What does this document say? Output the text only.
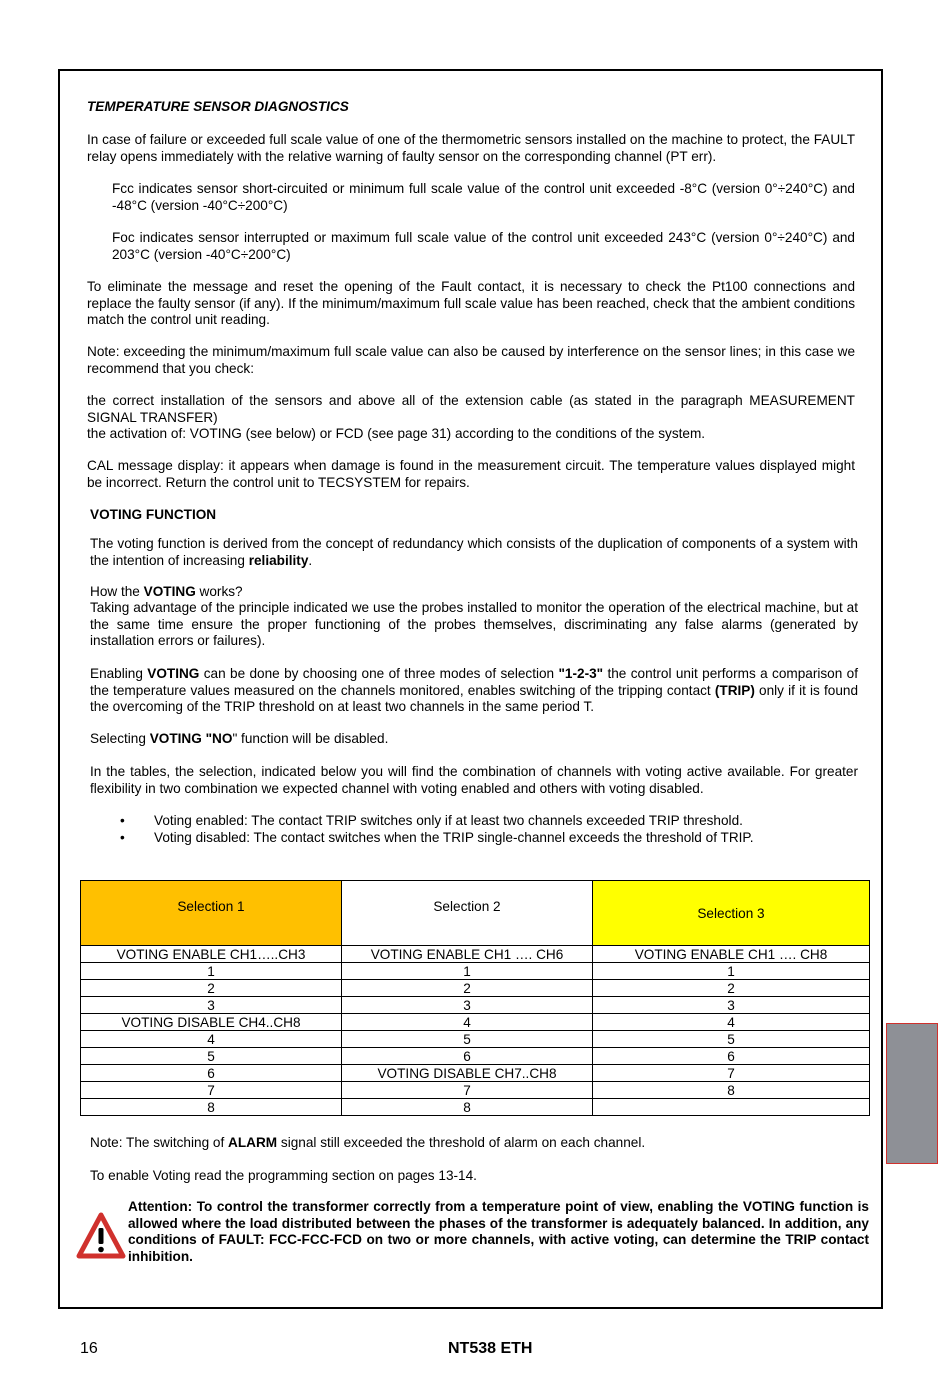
TEMPERATURE SENSOR DIAGNOSTICS

In case of failure or exceeded full scale value of one of the thermometric sensors installed on the machine to protect, the FAULT relay opens immediately with the relative warning of faulty sensor on the corresponding channel (PT err).

Fcc indicates sensor short-circuited or minimum full scale value of the control unit exceeded -8°C (version 0°÷240°C) and -48°C (version -40°C÷200°C)

Foc indicates sensor interrupted or maximum full scale value of the control unit exceeded 243°C (version 0°÷240°C) and 203°C (version -40°C÷200°C)

To eliminate the message and reset the opening of the Fault contact, it is necessary to check the Pt100 connections and replace the faulty sensor (if any). If the minimum/maximum full scale value has been reached, check that the ambient conditions match the control unit reading.

Note: exceeding the minimum/maximum full scale value can also be caused by interference on the sensor lines; in this case we recommend that you check:

the correct installation of the sensors and above all of the extension cable (as stated in the paragraph MEASUREMENT SIGNAL TRANSFER)

the activation of: VOTING (see below) or FCD (see page 31) according to the conditions of the system.

CAL message display: it appears when damage is found in the measurement circuit. The temperature values displayed might be incorrect. Return the control unit to TECSYSTEM for repairs.

VOTING FUNCTION

The voting function is derived from the concept of redundancy which consists of the duplication of components of a system with the intention of increasing reliability.

How the VOTING works?

Taking advantage of the principle indicated we use the probes installed to monitor the operation of the electrical machine, but at the same time ensure the proper functioning of the probes themselves, discriminating any false alarms (generated by installation errors or failures).

Enabling VOTING can be done by choosing one of three modes of selection "1-2-3" the control unit performs a comparison of the temperature values measured on the channels monitored, enables switching of the tripping contact (TRIP) only if it is found the overcoming of the TRIP threshold on at least two channels in the same period T.

Selecting VOTING "NO" function will be disabled.

In the tables, the selection, indicated below you will find the combination of channels with voting active available. For greater flexibility in two combination we expected channel with voting enabled and others with voting disabled.

• Voting enabled: The contact TRIP switches only if at least two channels exceeded TRIP threshold.
• Voting disabled: The contact switches when the TRIP single-channel exceeds the threshold of TRIP.
Selection 1	Selection 2	Selection 3
VOTING ENABLE CH1…..CH3	VOTING ENABLE CH1 …. CH6	VOTING ENABLE CH1 …. CH8
1	1	1
2	2	2
3	3	3
VOTING DISABLE CH4..CH8	4	4
4	5	5
5	6	6
6	VOTING DISABLE CH7..CH8	7
7	7	8
8	8	

Note: The switching of ALARM signal still exceeded the threshold of alarm on each channel.

To enable Voting read the programming section on pages 13-14.

Attention: To control the transformer correctly from a temperature point of view, enabling the VOTING function is allowed where the load distributed between the phases of the transformer is adequately balanced. In addition, any conditions of FAULT: FCC-FCC-FCD on two or more channels, with active voting, can determine the TRIP contact inhibition.

16	NT538 ETH
